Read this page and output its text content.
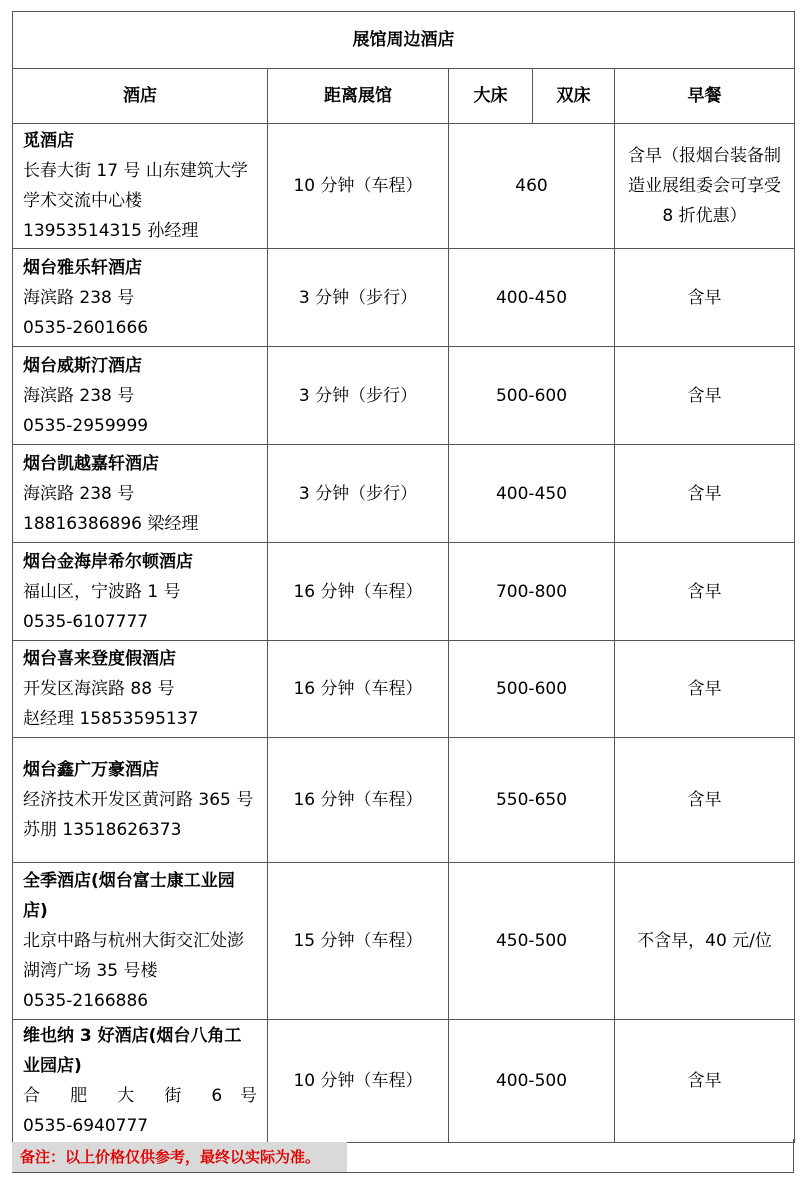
展馆周边酒店				
酒店	距离展馆	大床	双床	早餐

觅酒店
长春大街 17 号 山东建筑大学学术交流中心楼
13953514315 孙经理	10 分钟（车程）	460		含早（报烟台装备制造业展组委会可享受 8 折优惠）

烟台雅乐轩酒店
海滨路 238 号
0535-2601666	3 分钟（步行）	400-450		含早

烟台威斯汀酒店
海滨路 238 号
0535-2959999	3 分钟（步行）	500-600		含早

烟台凯越嘉轩酒店
海滨路 238 号
18816386896 梁经理	3 分钟（步行）	400-450		含早

烟台金海岸希尔顿酒店
福山区，宁波路 1 号
0535-6107777	16 分钟（车程）	700-800		含早

烟台喜来登度假酒店
开发区海滨路 88 号
赵经理 15853595137	16 分钟（车程）	500-600		含早

烟台鑫广万豪酒店
经济技术开发区黄河路 365 号
苏朋 13518626373	16 分钟（车程）	550-650		含早

全季酒店(烟台富士康工业园店)
北京中路与杭州大街交汇处澎湖湾广场 35 号楼
0535-2166886	15 分钟（车程）	450-500		不含早，40 元/位

维也纳 3 好酒店(烟台八角工业园店)
合 肥 大 街 6 号
0535-6940777	10 分钟（车程）	400-500		含早
备注：以上价格仅供参考，最终以实际为准。
